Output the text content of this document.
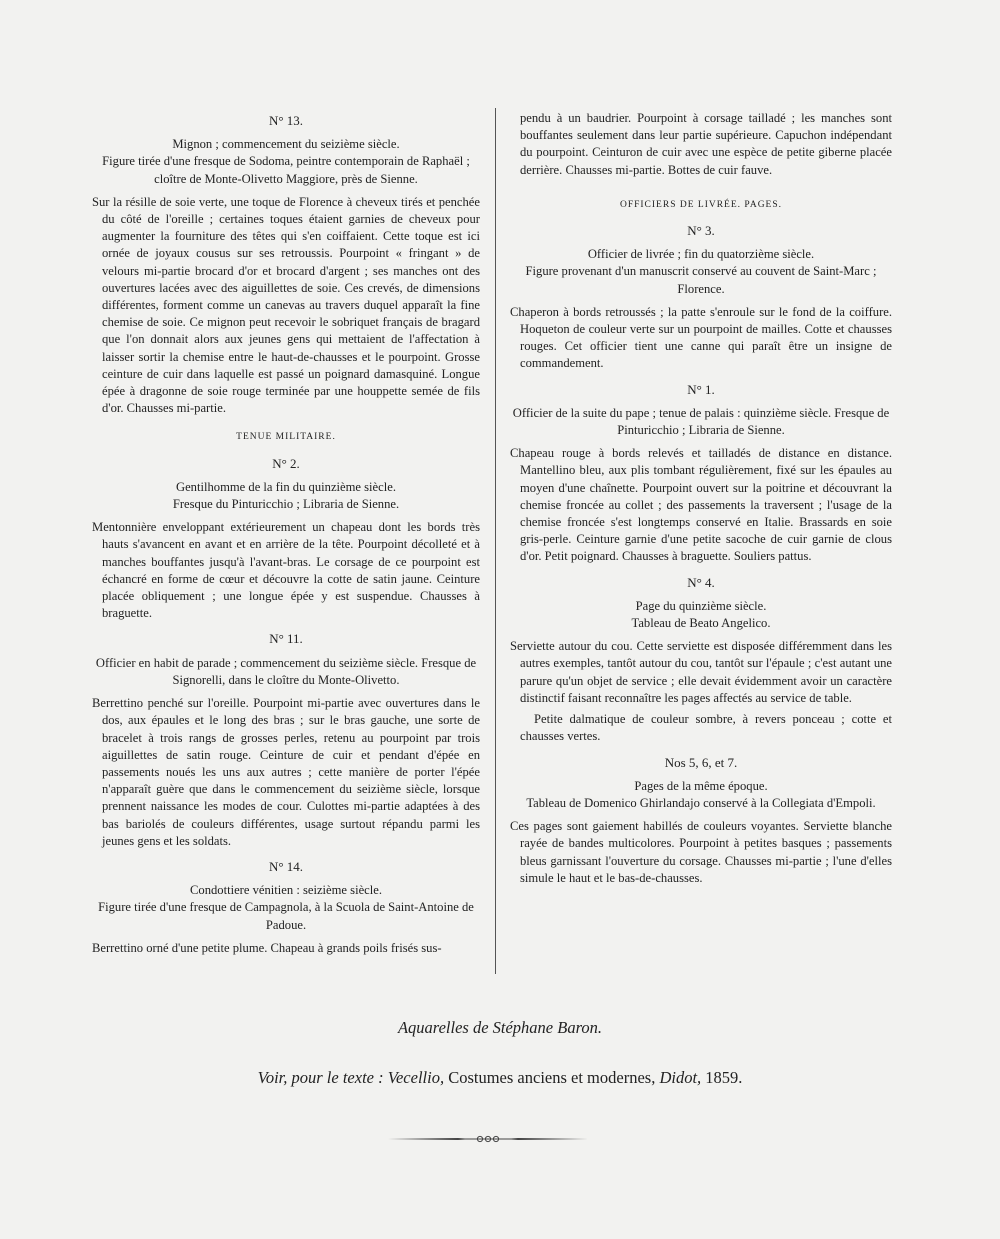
N° 13.

Mignon ; commencement du seizième siècle.

Figure tirée d'une fresque de Sodoma, peintre contemporain de Raphaël ; cloître de Monte-Olivetto Maggiore, près de Sienne.

Sur la résille de soie verte, une toque de Florence à cheveux tirés et penchée du côté de l'oreille ; certaines toques étaient garnies de cheveux pour augmenter la fourniture des têtes qui s'en coiffaient. Cette toque est ici ornée de joyaux cousus sur ses retroussis. Pourpoint « fringant » de velours mi-partie brocard d'or et brocard d'argent ; ses manches ont des ouvertures lacées avec des aiguillettes de soie. Ces crevés, de dimensions différentes, forment comme un canevas au travers duquel apparaît la fine chemise de soie. Ce mignon peut recevoir le sobriquet français de bragard que l'on donnait alors aux jeunes gens qui mettaient de l'affectation à laisser sortir la chemise entre le haut-de-chausses et le pourpoint. Grosse ceinture de cuir dans laquelle est passé un poignard damasquiné. Longue épée à dragonne de soie rouge terminée par une houppette semée de fils d'or. Chausses mi-partie.

TENUE MILITAIRE.
N° 2.

Gentilhomme de la fin du quinzième siècle.

Fresque du Pinturicchio ; Libraria de Sienne.

Mentonnière enveloppant extérieurement un chapeau dont les bords très hauts s'avancent en avant et en arrière de la tête. Pourpoint décolleté et à manches bouffantes jusqu'à l'avant-bras. Le corsage de ce pourpoint est échancré en forme de cœur et découvre la cotte de satin jaune. Ceinture placée obliquement ; une longue épée y est suspendue. Chausses à braguette.

N° 11.

Officier en habit de parade ; commencement du seizième siècle. Fresque de Signorelli, dans le cloître du Monte-Olivetto.

Berrettino penché sur l'oreille. Pourpoint mi-partie avec ouvertures dans le dos, aux épaules et le long des bras ; sur le bras gauche, une sorte de bracelet à trois rangs de grosses perles, retenu au pourpoint par trois aiguillettes de satin rouge. Ceinture de cuir et pendant d'épée en passements noués les uns aux autres ; cette manière de porter l'épée n'apparaît guère que dans le commencement du seizième siècle, lorsque prennent naissance les modes de cour. Culottes mi-partie adaptées à des bas bariolés de couleurs différentes, usage surtout répandu parmi les jeunes gens et les soldats.

N° 14.

Condottiere vénitien : seizième siècle.

Figure tirée d'une fresque de Campagnola, à la Scuola de Saint-Antoine de Padoue.

Berrettino orné d'une petite plume. Chapeau à grands poils frisés sus-

pendu à un baudrier. Pourpoint à corsage tailladé ; les manches sont bouffantes seulement dans leur partie supérieure. Capuchon indépendant du pourpoint. Ceinturon de cuir avec une espèce de petite giberne placée derrière. Chausses mi-partie. Bottes de cuir fauve.

OFFICIERS DE LIVRÉE. PAGES.
N° 3.

Officier de livrée ; fin du quatorzième siècle.

Figure provenant d'un manuscrit conservé au couvent de Saint-Marc ; Florence.

Chaperon à bords retroussés ; la patte s'enroule sur le fond de la coiffure. Hoqueton de couleur verte sur un pourpoint de mailles. Cotte et chausses rouges. Cet officier tient une canne qui paraît être un insigne de commandement.

N° 1.

Officier de la suite du pape ; tenue de palais : quinzième siècle. Fresque de Pinturicchio ; Libraria de Sienne.

Chapeau rouge à bords relevés et tailladés de distance en distance. Mantellino bleu, aux plis tombant régulièrement, fixé sur les épaules au moyen d'une chaînette. Pourpoint ouvert sur la poitrine et découvrant la chemise froncée au collet ; des passements la traversent ; l'usage de la chemise froncée s'est longtemps conservé en Italie. Brassards en soie gris-perle. Ceinture garnie d'une petite sacoche de cuir garnie de clous d'or. Petit poignard. Chausses à braguette. Souliers pattus.

N° 4.

Page du quinzième siècle.

Tableau de Beato Angelico.

Serviette autour du cou. Cette serviette est disposée différemment dans les autres exemples, tantôt autour du cou, tantôt sur l'épaule ; c'est autant une parure qu'un objet de service ; elle devait évidemment avoir un caractère distinctif faisant reconnaître les pages affectés au service de table.

Petite dalmatique de couleur sombre, à revers ponceau ; cotte et chausses vertes.

Nos 5, 6, et 7.

Pages de la même époque.

Tableau de Domenico Ghirlandajo conservé à la Collegiata d'Empoli.

Ces pages sont gaiement habillés de couleurs voyantes. Serviette blanche rayée de bandes multicolores. Pourpoint à petites basques ; passements bleus garnissant l'ouverture du corsage. Chausses mi-partie ; l'une d'elles simule le haut et le bas-de-chausses.

Aquarelles de Stéphane Baron.
Voir, pour le texte : Vecellio, Costumes anciens et modernes, Didot, 1859.
